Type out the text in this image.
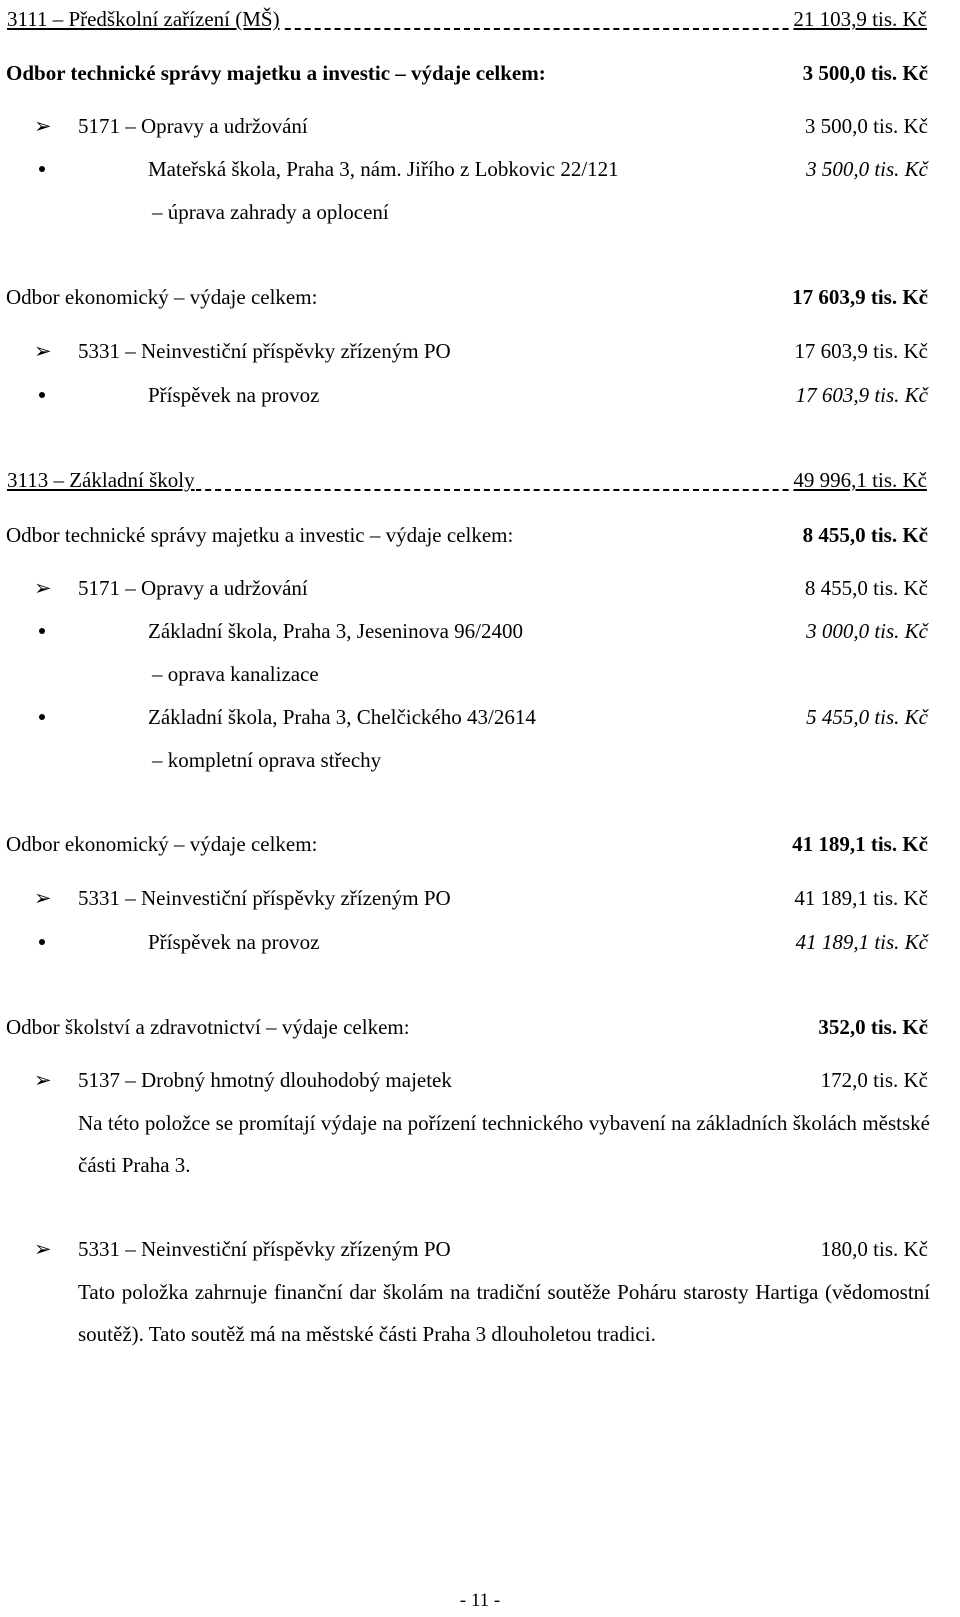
3111 – Předškolní zařízení (MŠ)	21 103,9 tis. Kč
Odbor technické správy majetku a investic – výdaje celkem:	3 500,0 tis. Kč
➢ 5171 – Opravy a udržování	3 500,0 tis. Kč
Mateřská škola, Praha 3, nám. Jiřího z Lobkovic 22/121	3 500,0 tis. Kč
– úprava zahrady a oplocení
Odbor ekonomický – výdaje celkem:	17 603,9 tis. Kč
➢ 5331 – Neinvestiční příspěvky zřízeným PO	17 603,9 tis. Kč
Příspěvek na provoz	17 603,9 tis. Kč
3113 – Základní školy	49 996,1 tis. Kč
Odbor technické správy majetku a investic – výdaje celkem:	8 455,0 tis. Kč
➢ 5171 – Opravy a udržování	8 455,0 tis. Kč
Základní škola, Praha 3, Jeseninova 96/2400	3 000,0 tis. Kč
– oprava kanalizace
Základní škola, Praha 3, Chelčického 43/2614	5 455,0 tis. Kč
– kompletní oprava střechy
Odbor ekonomický – výdaje celkem:	41 189,1 tis. Kč
➢ 5331 – Neinvestiční příspěvky zřízeným PO	41 189,1 tis. Kč
Příspěvek na provoz	41 189,1 tis. Kč
Odbor školství a zdravotnictví – výdaje celkem:	352,0 tis. Kč
➢ 5137 – Drobný hmotný dlouhodobý majetek	172,0 tis. Kč
Na této položce se promítají výdaje na pořízení technického vybavení na základních školách městské části Praha 3.
➢ 5331 – Neinvestiční příspěvky zřízeným PO	180,0 tis. Kč
Tato položka zahrnuje finanční dar školám na tradiční soutěže Poháru starosty Hartiga (vědomostní soutěž). Tato soutěž má na městské části Praha 3 dlouholetou tradici.
- 11 -
